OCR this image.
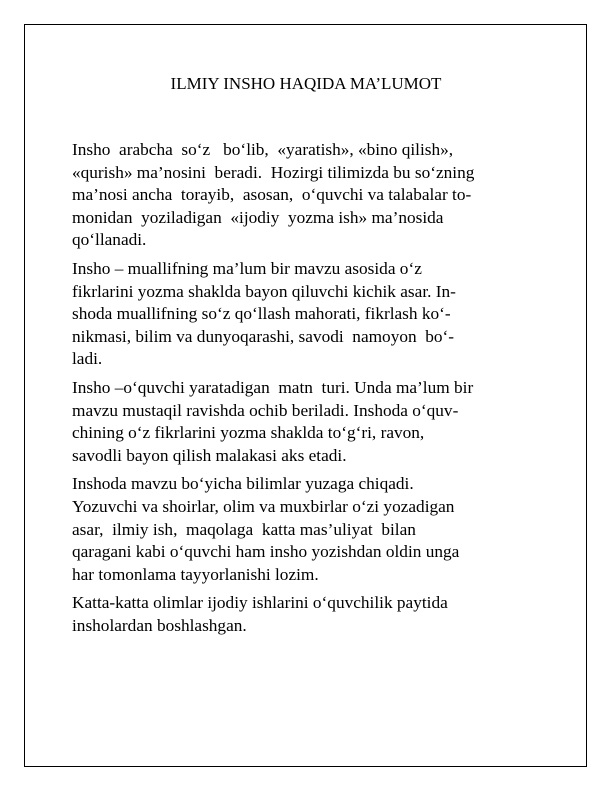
ILMIY INSHO HAQIDA MA’LUMOT

Insho  arabcha  so‘z   bo‘lib,  «yaratish», «bino qilish»,
«qurish» ma’nosini  beradi.  Hozirgi tilimizda bu so‘zning
ma’nosi ancha  torayib,  asosan,  o‘quvchi va talabalar to-
monidan  yoziladigan  «ijodiy  yozma ish» ma’nosida
qo‘llanadi.

Insho – muallifning ma’lum bir mavzu asosida o‘z
fikrlarini yozma shaklda bayon qiluvchi kichik asar. In-
shoda muallifning so‘z qo‘llash mahorati, fikrlash ko‘-
nikmasi, bilim va dunyoqarashi, savodi  namoyon  bo‘-
ladi.

Insho –o‘quvchi yaratadigan  matn  turi. Unda ma’lum bir
mavzu mustaqil ravishda ochib beriladi. Inshoda o‘quv-
chining o‘z fikrlarini yozma shaklda to‘g‘ri, ravon,
savodli bayon qilish malakasi aks etadi.

Inshoda mavzu bo‘yicha bilimlar yuzaga chiqadi.
Yozuvchi va shoirlar, olim va muxbirlar o‘zi yozadigan
asar,  ilmiy ish,  maqolaga  katta mas’uliyat  bilan
qaragani kabi o‘quvchi ham insho yozishdan oldin unga
har tomonlama tayyorlanishi lozim.

Katta-katta olimlar ijodiy ishlarini o‘quvchilik paytida
insholardan boshlashgan.
